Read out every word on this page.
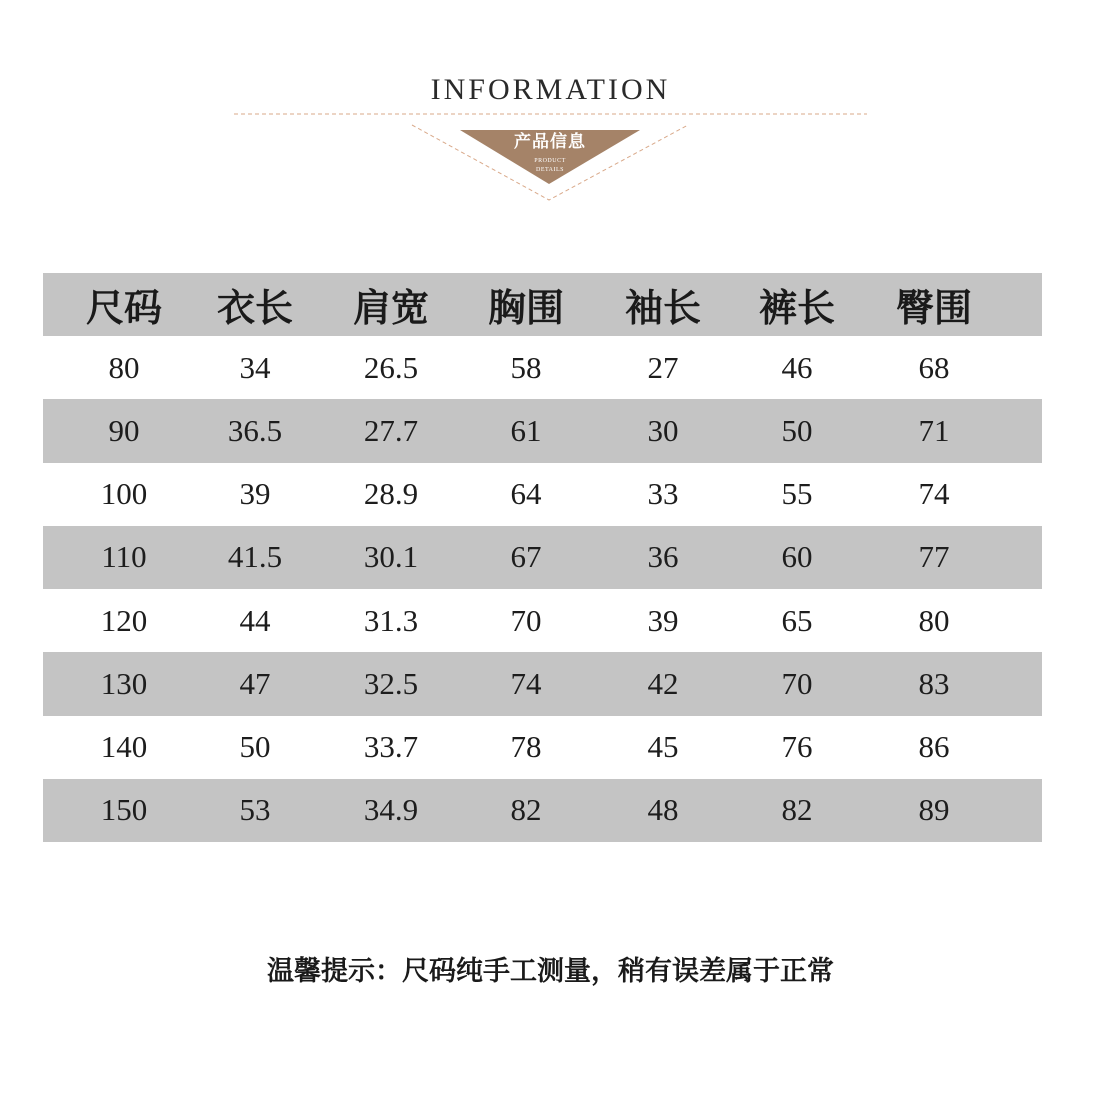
INFORMATION
产品信息
PRODUCT
DETAILS
尺码	衣长	肩宽	胸围	袖长	裤长	臀围
80	34	26.5	58	27	46	68
90	36.5	27.7	61	30	50	71
100	39	28.9	64	33	55	74
110	41.5	30.1	67	36	60	77
120	44	31.3	70	39	65	80
130	47	32.5	74	42	70	83
140	50	33.7	78	45	76	86
150	53	34.9	82	48	82	89
温馨提示：尺码纯手工测量，稍有误差属于正常
